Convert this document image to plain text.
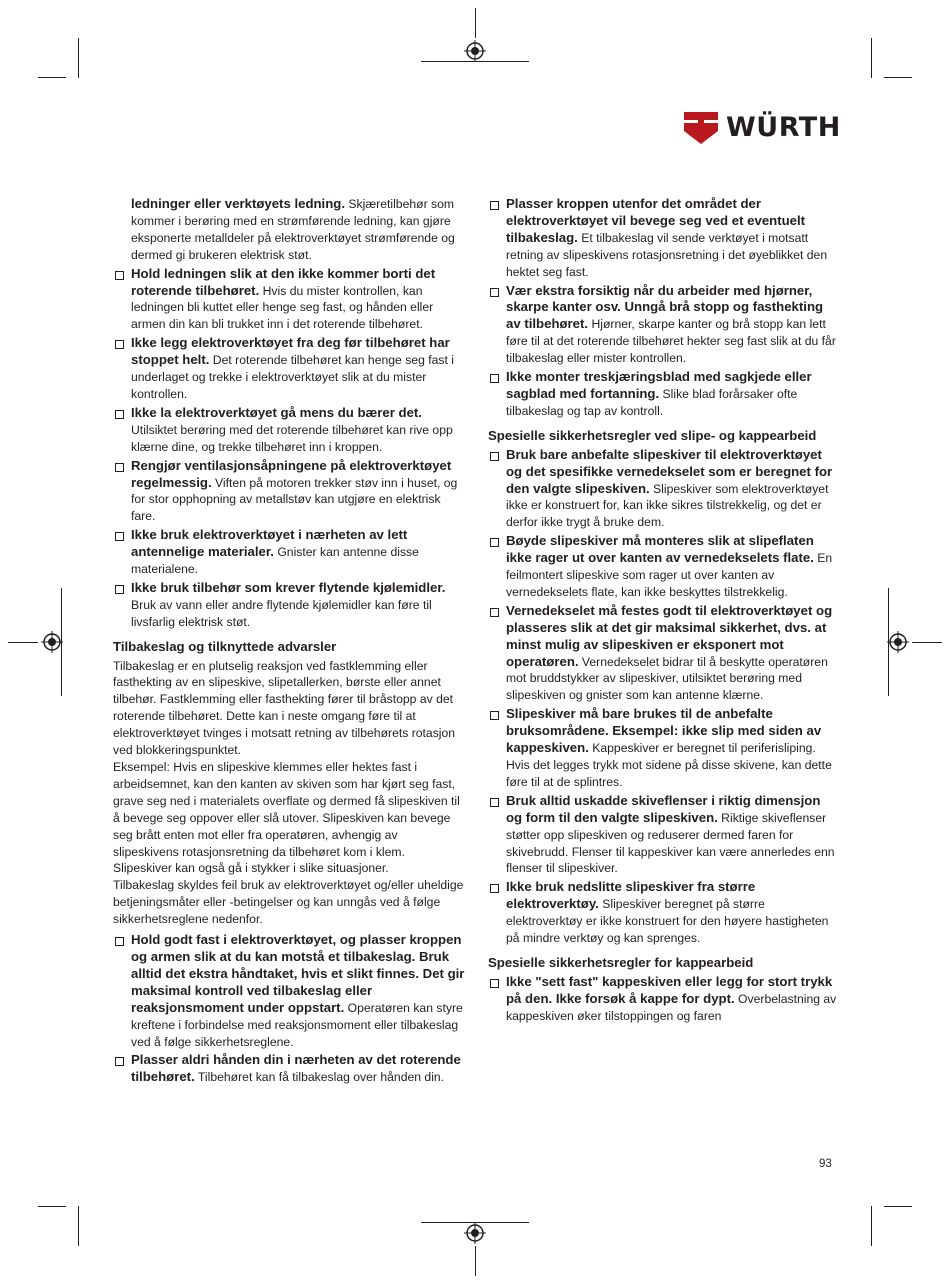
WÜRTH

ledninger eller verktøyets ledning. Skjæretilbehør som kommer i berøring med en strømførende ledning, kan gjøre eksponerte metalldeler på elektroverktøyet strømførende og dermed gi brukeren elektrisk støt.

Hold ledningen slik at den ikke kommer borti det roterende tilbehøret. Hvis du mister kontrollen, kan ledningen bli kuttet eller henge seg fast, og hånden eller armen din kan bli trukket inn i det roterende tilbehøret.

Ikke legg elektroverktøyet fra deg før tilbehøret har stoppet helt. Det roterende tilbehøret kan henge seg fast i underlaget og trekke i elektroverktøyet slik at du mister kontrollen.

Ikke la elektroverktøyet gå mens du bærer det. Utilsiktet berøring med det roterende tilbehøret kan rive opp klærne dine, og trekke tilbehøret inn i kroppen.

Rengjør ventilasjonsåpningene på elektroverktøyet regelmessig. Viften på motoren trekker støv inn i huset, og for stor opphopning av metallstøv kan utgjøre en elektrisk fare.

Ikke bruk elektroverktøyet i nærheten av lett antennelige materialer. Gnister kan antenne disse materialene.

Ikke bruk tilbehør som krever flytende kjølemidler. Bruk av vann eller andre flytende kjølemidler kan føre til livsfarlig elektrisk støt.

Tilbakeslag og tilknyttede advarsler

Tilbakeslag er en plutselig reaksjon ved fastklemming eller fasthekting av en slipeskive, slipetallerken, børste eller annet tilbehør. Fastklemming eller fasthekting fører til bråstopp av det roterende tilbehøret. Dette kan i neste omgang føre til at elektroverktøyet tvinges i motsatt retning av tilbehørets rotasjon ved blokkeringspunktet.
Eksempel: Hvis en slipeskive klemmes eller hektes fast i arbeidsemnet, kan den kanten av skiven som har kjørt seg fast, grave seg ned i materialets overflate og dermed få slipeskiven til å bevege seg oppover eller slå utover. Slipeskiven kan bevege seg brått enten mot eller fra operatøren, avhengig av slipeskivens rotasjonsretning da tilbehøret kom i klem. Slipeskiver kan også gå i stykker i slike situasjoner.
Tilbakeslag skyldes feil bruk av elektroverktøyet og/eller uheldige betjeningsmåter eller -betingelser og kan unngås ved å følge sikkerhetsreglene nedenfor.

Hold godt fast i elektroverktøyet, og plasser kroppen og armen slik at du kan motstå et tilbakeslag. Bruk alltid det ekstra håndtaket, hvis et slikt finnes. Det gir maksimal kontroll ved tilbakeslag eller reaksjonsmoment under oppstart. Operatøren kan styre kreftene i forbindelse med reaksjonsmoment eller tilbakeslag ved å følge sikkerhetsreglene.

Plasser aldri hånden din i nærheten av det roterende tilbehøret. Tilbehøret kan få tilbakeslag over hånden din.

Plasser kroppen utenfor det området der elektroverktøyet vil bevege seg ved et eventuelt tilbakeslag. Et tilbakeslag vil sende verktøyet i motsatt retning av slipeskivens rotasjonsretning i det øyeblikket den hektet seg fast.

Vær ekstra forsiktig når du arbeider med hjørner, skarpe kanter osv. Unngå brå stopp og fasthekting av tilbehøret. Hjørner, skarpe kanter og brå stopp kan lett føre til at det roterende tilbehøret hekter seg fast slik at du får tilbakeslag eller mister kontrollen.

Ikke monter treskjæringsblad med sagkjede eller sagblad med fortanning. Slike blad forårsaker ofte tilbakeslag og tap av kontroll.

Spesielle sikkerhetsregler ved slipe- og kappearbeid

Bruk bare anbefalte slipeskiver til elektroverktøyet og det spesifikke vernedekselet som er beregnet for den valgte slipeskiven. Slipeskiver som elektroverktøyet ikke er konstruert for, kan ikke sikres tilstrekkelig, og det er derfor ikke trygt å bruke dem.

Bøyde slipeskiver må monteres slik at slipeflaten ikke rager ut over kanten av vernedekselets flate. En feilmontert slipeskive som rager ut over kanten av vernedekselets flate, kan ikke beskyttes tilstrekkelig.

Vernedekselet må festes godt til elektroverktøyet og plasseres slik at det gir maksimal sikkerhet, dvs. at minst mulig av slipeskiven er eksponert mot operatøren. Vernedekselet bidrar til å beskytte operatøren mot bruddstykker av slipeskiver, utilsiktet berøring med slipeskiven og gnister som kan antenne klærne.

Slipeskiver må bare brukes til de anbefalte bruksområdene. Eksempel: ikke slip med siden av kappeskiven. Kappeskiver er beregnet til periferisliping. Hvis det legges trykk mot sidene på disse skivene, kan dette føre til at de splintres.

Bruk alltid uskadde skiveflenser i riktig dimensjon og form til den valgte slipeskiven. Riktige skiveflenser støtter opp slipeskiven og reduserer dermed faren for skivebrudd. Flenser til kappeskiver kan være annerledes enn flenser til slipeskiver.

Ikke bruk nedslitte slipeskiver fra større elektroverktøy. Slipeskiver beregnet på større elektroverktøy er ikke konstruert for den høyere hastigheten på mindre verktøy og kan sprenges.

Spesielle sikkerhetsregler for kappearbeid

Ikke "sett fast" kappeskiven eller legg for stort trykk på den. Ikke forsøk å kappe for dypt. Overbelastning av kappeskiven øker tilstoppingen og faren

93
